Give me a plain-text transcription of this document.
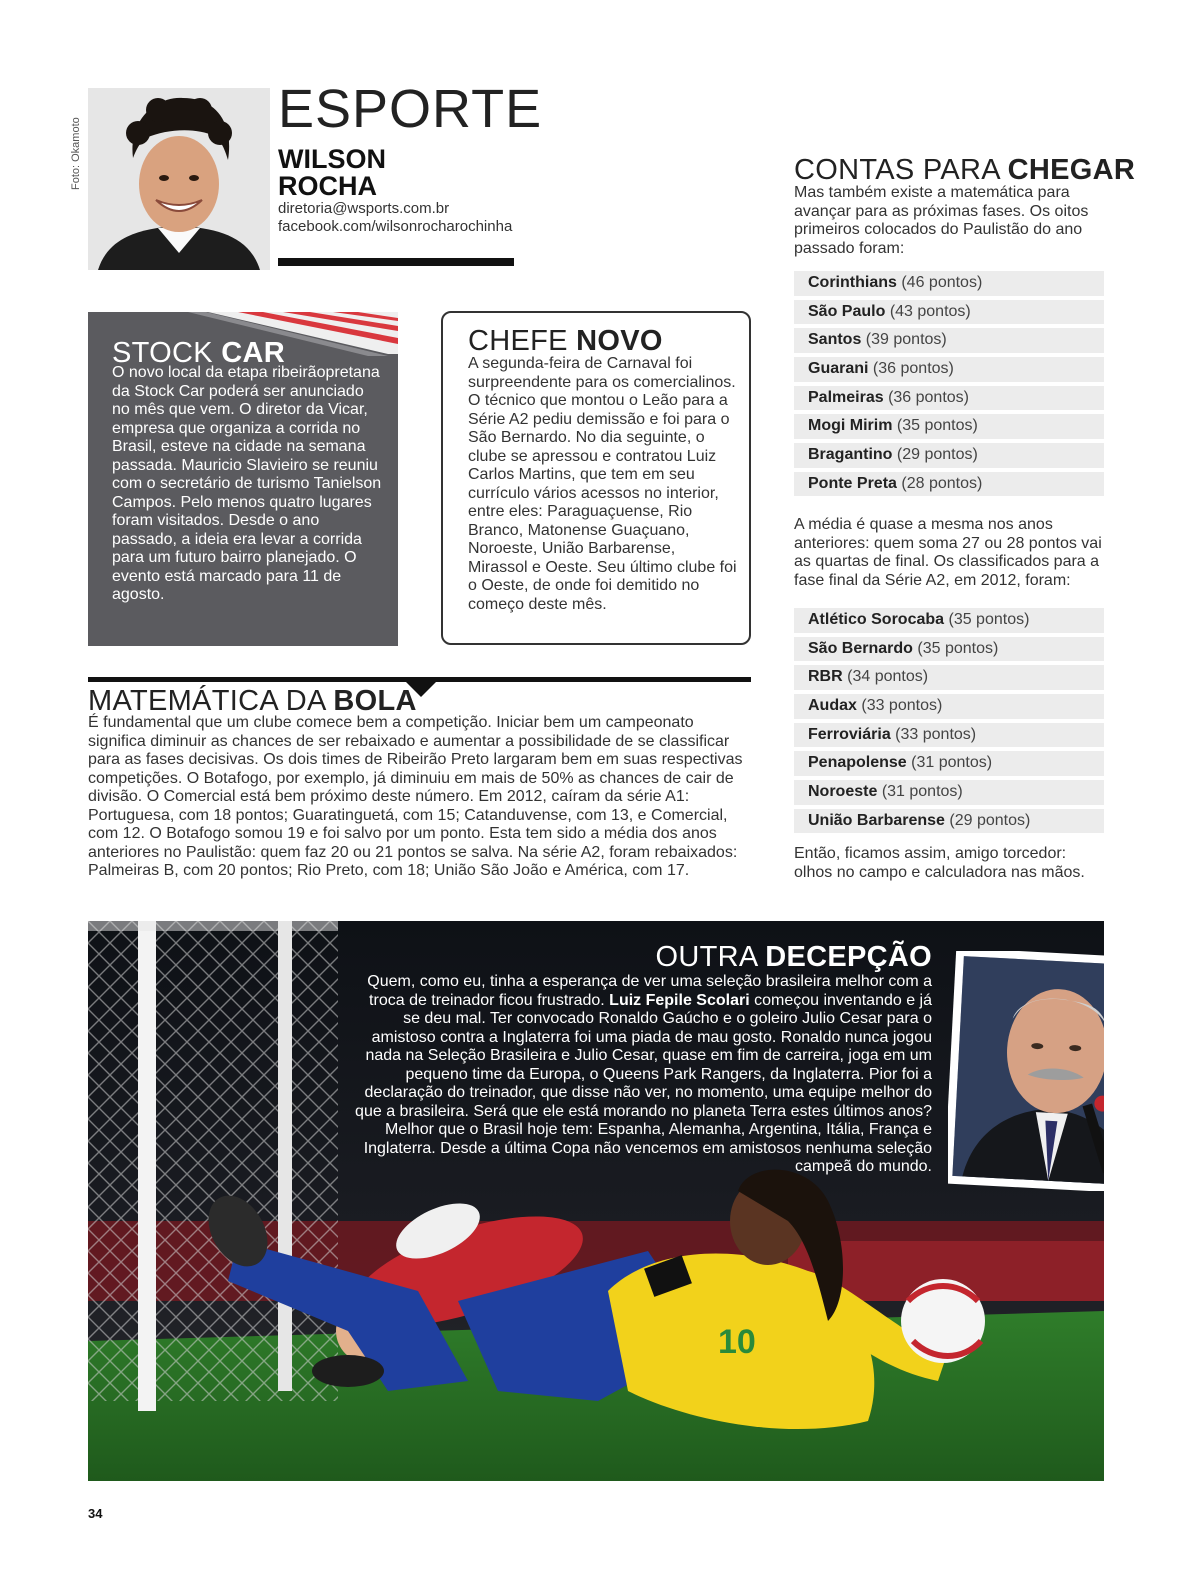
Foto: Okamoto
ESPORTE
WILSON ROCHA
diretoria@wsports.com.br
facebook.com/wilsonrocharochinha
STOCK CAR
O novo local da etapa ribeirãopretana da Stock Car poderá ser anunciado no mês que vem. O diretor da Vicar, empresa que organiza a corrida no Brasil, esteve na cidade na semana passada. Mauricio Slavieiro se reuniu com o secretário de turismo Tanielson Campos. Pelo menos quatro lugares foram visitados. Desde o ano passado, a ideia era levar a corrida para um futuro bairro planejado. O evento está marcado para 11 de agosto.
CHEFE NOVO
A segunda-feira de Carnaval foi surpreendente para os comercialinos. O técnico que montou o Leão para a Série A2 pediu demissão e foi para o São Bernardo. No dia seguinte, o clube se apressou e contratou Luiz Carlos Martins, que tem em seu currículo vários acessos no interior, entre eles: Paraguaçuense, Rio Branco, Matonense Guaçuano, Noroeste, União Barbarense, Mirassol e Oeste. Seu último clube foi o Oeste, de onde foi demitido no começo deste mês.
MATEMÁTICA DA BOLA
É fundamental que um clube comece bem a competição. Iniciar bem um campeonato significa diminuir as chances de ser rebaixado e aumentar a possibilidade de se classificar para as fases decisivas. Os dois times de Ribeirão Preto largaram bem em suas respectivas competições. O Botafogo, por exemplo, já diminuiu em mais de 50% as chances de cair de divisão. O Comercial está bem próximo deste número. Em 2012, caíram da série A1: Portuguesa, com 18 pontos; Guaratinguetá, com 15; Catanduvense, com 13, e Comercial, com 12. O Botafogo somou 19 e foi salvo por um ponto. Esta tem sido a média dos anos anteriores no Paulistão: quem faz 20 ou 21 pontos se salva. Na série A2, foram rebaixados: Palmeiras B, com 20 pontos; Rio Preto, com 18; União São João e América, com 17.
CONTAS PARA CHEGAR
Mas também existe a matemática para avançar para as próximas fases. Os oitos primeiros colocados do Paulistão do ano passado foram:
Corinthians (46 pontos)
São Paulo (43 pontos)
Santos (39 pontos)
Guarani (36 pontos)
Palmeiras (36 pontos)
Mogi Mirim (35 pontos)
Bragantino (29 pontos)
Ponte Preta (28 pontos)
A média é quase a mesma nos anos anteriores: quem soma 27 ou 28 pontos vai as quartas de final. Os classificados para a fase final da Série A2, em 2012, foram:
Atlético Sorocaba (35 pontos)
São Bernardo (35 pontos)
RBR (34 pontos)
Audax (33 pontos)
Ferroviária (33 pontos)
Penapolense (31 pontos)
Noroeste (31 pontos)
União Barbarense (29 pontos)
Então, ficamos assim, amigo torcedor: olhos no campo e calculadora nas mãos.
10
OUTRA DECEPÇÃO
Quem, como eu, tinha a esperança de ver uma seleção brasileira melhor com a troca de treinador ficou frustrado. Luiz Fepile Scolari começou inventando e já se deu mal. Ter convocado Ronaldo Gaúcho e o goleiro Julio Cesar para o amistoso contra a Inglaterra foi uma piada de mau gosto. Ronaldo nunca jogou nada na Seleção Brasileira e Julio Cesar, quase em fim de carreira, joga em um pequeno time da Europa, o Queens Park Rangers, da Inglaterra. Pior foi a declaração do treinador, que disse não ver, no momento, uma equipe melhor do que a brasileira. Será que ele está morando no planeta Terra estes últimos anos? Melhor que o Brasil hoje tem: Espanha, Alemanha, Argentina, Itália, França e Inglaterra. Desde a última Copa não vencemos em amistosos nenhuma seleção campeã do mundo.
34
